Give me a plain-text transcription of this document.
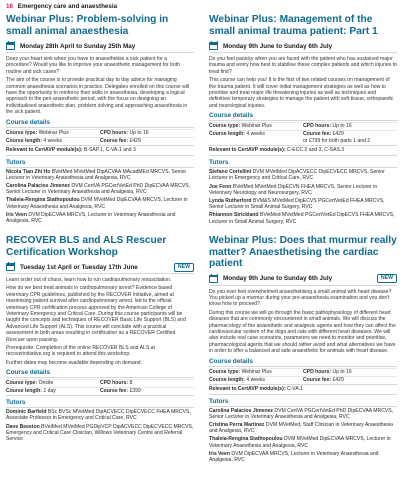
16 Emergency care and anaesthesia
Webinar Plus: Problem-solving in small animal anaesthesia
Monday 28th April to Sunday 25th May

Does your heart sink when you have to anaesthetise a sick patient for a procedure? Would you like to improve your anaesthetic management for both routine and sick cases?

The aim of the course is to provide practical day to day advice for managing common anaesthesia scenarios in practice. Delegates enrolled on this course will have the opportunity to reinforce their skills in anaesthesia, developing a logical approach to the peri-anaesthetic period, with the focus on designing an individualised anaesthetic plan, problem solving and approaching anaesthesia in the sick patient.

Course details
Course type: Webinar Plus	CPD hours: Up to 16
Course length: 4 weeks	Course fee: £429
Relevant to CertAVP module(s): B-SAP.1, C-VA.1 and 3
Tutors
Nicola Tian Zhi Ho BVetMed MVetMed DipACVAA MAcadMEd MRCVS, Senior Lecturer in Veterinary Anaesthesia and Analgesia, RVC
Carolina Palacios Jimenez DVM CertVA PGCertVetEd PhD DipECVAA MRCVS, Senior Lecturer in Veterinary Anaesthesia and Analgesia, RVC
Thaleia-Rengina Stathopoulou DVM MVetMed DipECVAA MRCVS, Lecturer in Veterinary Anaesthesia and Analgesia, RVC
Iris Veen DVM DipECVAA MRCVS, Lecturer in Veterinary Anaesthesia and Analgesia, RVC
Webinar Plus: Management of the small animal trauma patient: Part 1
Monday 9th June to Sunday 6th July

Do you feel panicky when you are faced with the patient who has sustained major trauma and worry how best to stabilise these complex patients and which injuries to treat first?

This course can help you! It is the first of two related courses on management of the trauma patient. It will cover initial management strategies as well as how to prioritise and treat major life threatening injuries as well as techniques and definitive/ temporary strategies to manage the patient with soft tissue, orthopaedic and neurological injuries.

Course details
Course type: Webinar Plus	CPD hours: Up to 16
Course length: 4 weeks	Course fee: £429
or £799 for both parts 1 and 2
Relevant to CertAVP module(s): C-ECC.2 and 3, C-SAS.3
Tutors
Stefano Cortellini DVM MVetMed DipACVECC DipECVECC MRCVS, Senior Lecturer in Emergency and Critical Care, RVC
Joe Fenn BVetMed MVetMed DipECVN FHEA MRCVS, Senior Lecturer in Veterinary Neurology and Neurosurgery, RVC
Lynda Rutherford BVM&S MVetMed DipECVS PGCertVetEd FHEA MRCVS, Senior Lecturer in Small Animal Surgery, RVC
Rhiannon Strickland BVetMed MVetMed PGCertVetEd DipECVS FHEA MRCVS, Lecturer in Small Animal Surgery, RVC
RECOVER BLS and ALS Rescuer Certification Workshop
Tuesday 1st April or Tuesday 17th June	NEW

Learn order out of chaos, learn how to run cardiopulmonary resuscitation.

How do we best treat animals in cardiopulmonary arrest? Evidence based veterinary CPR guidelines, published by the RECOVER Initiative, aimed at maximising patient survival after cardiopulmonary arrest, led to the official veterinary CPR certification process approved by the American College of Veterinary Emergency and Critical Care. During this course participants will be taught the concepts and techniques of RECOVER Basic Life Support (BLS) and Advanced Life Support (ALS). This course will conclude with a practical assessment in both areas resulting in certification as a RECOVER Certified Rescuer upon passing.

Prerequisite: Completion of the online RECOVER BLS and ALS at recoverinitiative.org is required to attend this workshop.

Further dates may become available depending on demand.

Course details
Course type: Onsite	CPD hours: 8
Course length: 1 day	Course fee: £399
Tutors
Dominic Barfield BSc BVSc MVetMed DipACVECC DipECVECC FHEA MRCVS, Associate Professor in Emergency and Critical Care, RVC
Dave Beeston BVetMed MVetMed PGDipVCP DipACVECC DipECVECC MRCVS, Emergency and Critical Care Clinician, Willows Veterinary Centre and Referral Service
Webinar Plus: Does that murmur really matter? Anaesthetising the cardiac patient
Monday 9th June to Sunday 6th July	NEW

Do you ever feel overwhelmed anaesthetising a small animal with heart disease? You picked up a murmur during your pre-anaesthesia examination and you don't know how to proceed?

During this course we will go through the basic pathophysiology of different heart diseases that are commonly encountered in small animals. We will discuss the pharmacology of the anaesthetic and analgesic agents and how they can affect the cardiovascular system of the dogs and cats with different heart diseases. We will also include real case scenarios, parameters we need to monitor and prioritise, pharmacological agents that we should rather avoid and what alternatives we have in order to offer a balanced and safe anaesthetic for animals with heart disease.

Course details
Course type: Webinar Plus	CPD hours: Up to 16
Course length: 4 weeks	Course fee: £429
Relevant to CertAVP module(s): C-VA.1
Tutors
Carolina Palacios Jimenez DVM CertVA PGCertVetEd PhD DipECVAA MRCVS, Senior Lecturer in Veterinary Anaesthesia and Analgesia, RVC
Cristina Perra Martinez DVM MVetMed, Staff Clinician in Veterinary Anaesthesia and Analgesia, RVC
Thaleia-Rengina Stathopoulou DVM MVetMed DipECVAA MRCVS, Lecturer in Veterinary Anaesthesia and Analgesia, RVC
Iris Veen DVM DipECVAA MRCVS, Lecturer in Veterinary Anaesthesia and Analgesia, RVC
